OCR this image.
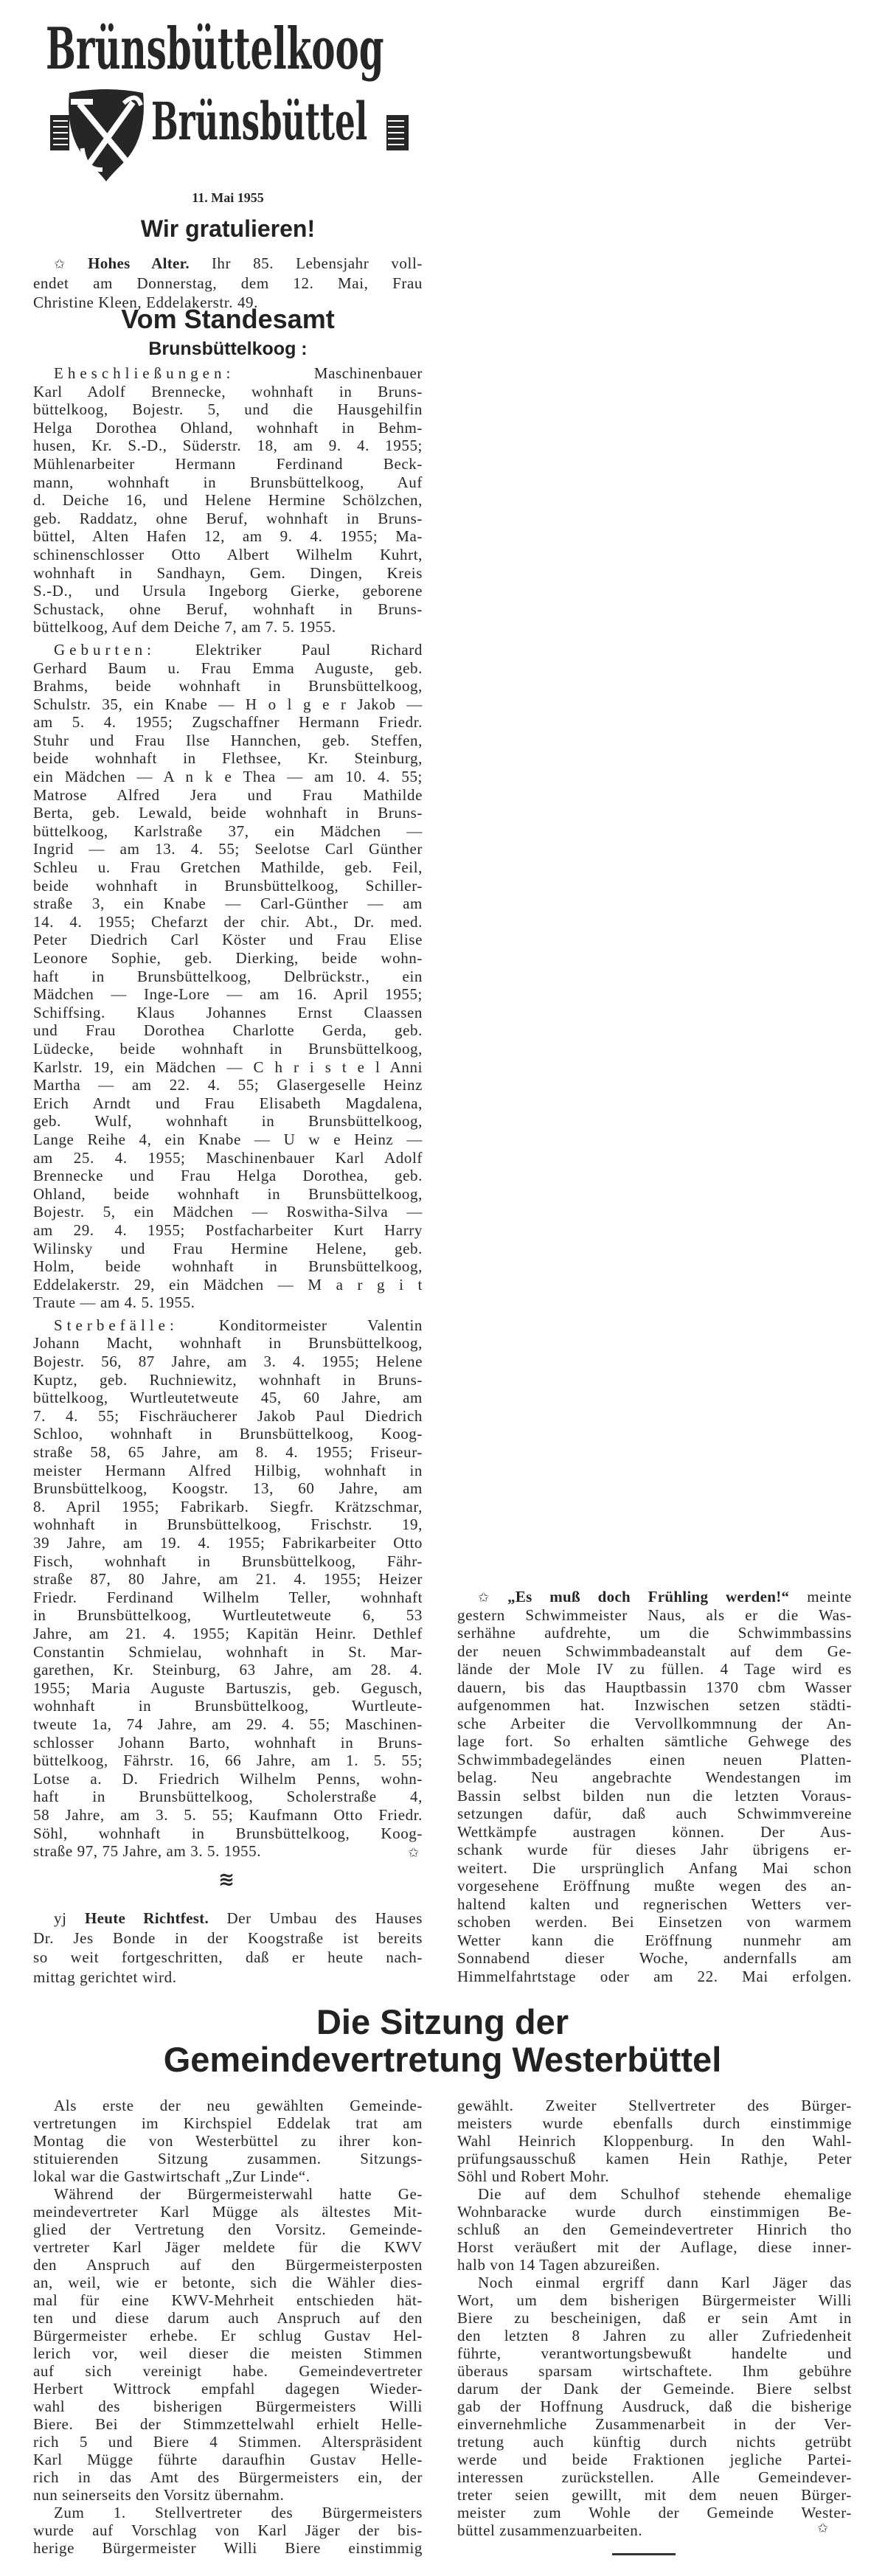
Brünsbüttelkoog
Brünsbüttel
11. Mai 1955
Wir gratulieren!
✩ Hohes Alter. Ihr 85. Lebensjahr voll-
endet am Donnerstag, dem 12. Mai, Frau
Christine Kleen, Eddelakerstr. 49.
Vom Standesamt
Brunsbüttelkoog :
Eheschließungen: Maschinenbauer
Karl Adolf Brennecke, wohnhaft in Bruns-
büttelkoog, Bojestr. 5, und die Hausgehilfin
Helga Dorothea Ohland, wohnhaft in Behm-
husen, Kr. S.-D., Süderstr. 18, am 9. 4. 1955;
Mühlenarbeiter Hermann Ferdinand Beck-
mann, wohnhaft in Brunsbüttelkoog, Auf
d. Deiche 16, und Helene Hermine Schölzchen,
geb. Raddatz, ohne Beruf, wohnhaft in Bruns-
büttel, Alten Hafen 12, am 9. 4. 1955; Ma-
schinenschlosser Otto Albert Wilhelm Kuhrt,
wohnhaft in Sandhayn, Gem. Dingen, Kreis
S.-D., und Ursula Ingeborg Gierke, geborene
Schustack, ohne Beruf, wohnhaft in Bruns-
büttelkoog, Auf dem Deiche 7, am 7. 5. 1955.
Geburten: Elektriker Paul Richard
Gerhard Baum u. Frau Emma Auguste, geb.
Brahms, beide wohnhaft in Brunsbüttelkoog,
Schulstr. 35, ein Knabe — H o l g e r Jakob —
am 5. 4. 1955; Zugschaffner Hermann Friedr.
Stuhr und Frau Ilse Hannchen, geb. Steffen,
beide wohnhaft in Flethsee, Kr. Steinburg,
ein Mädchen — A n k e Thea — am 10. 4. 55;
Matrose Alfred Jera und Frau Mathilde
Berta, geb. Lewald, beide wohnhaft in Bruns-
büttelkoog, Karlstraße 37, ein Mädchen —
Ingrid — am 13. 4. 55; Seelotse Carl Günther
Schleu u. Frau Gretchen Mathilde, geb. Feil,
beide wohnhaft in Brunsbüttelkoog, Schiller-
straße 3, ein Knabe — Carl-Günther — am
14. 4. 1955; Chefarzt der chir. Abt., Dr. med.
Peter Diedrich Carl Köster und Frau Elise
Leonore Sophie, geb. Dierking, beide wohn-
haft in Brunsbüttelkoog, Delbrückstr., ein
Mädchen — Inge-Lore — am 16. April 1955;
Schiffsing. Klaus Johannes Ernst Claassen
und Frau Dorothea Charlotte Gerda, geb.
Lüdecke, beide wohnhaft in Brunsbüttelkoog,
Karlstr. 19, ein Mädchen — C h r i s t e l Anni
Martha — am 22. 4. 55; Glasergeselle Heinz
Erich Arndt und Frau Elisabeth Magdalena,
geb. Wulf, wohnhaft in Brunsbüttelkoog,
Lange Reihe 4, ein Knabe — U w e Heinz —
am 25. 4. 1955; Maschinenbauer Karl Adolf
Brennecke und Frau Helga Dorothea, geb.
Ohland, beide wohnhaft in Brunsbüttelkoog,
Bojestr. 5, ein Mädchen — Roswitha-Silva —
am 29. 4. 1955; Postfacharbeiter Kurt Harry
Wilinsky und Frau Hermine Helene, geb.
Holm, beide wohnhaft in Brunsbüttelkoog,
Eddelakerstr. 29, ein Mädchen — M a r g i t
Traute — am 4. 5. 1955.
Sterbefälle: Konditormeister Valentin
Johann Macht, wohnhaft in Brunsbüttelkoog,
Bojestr. 56, 87 Jahre, am 3. 4. 1955; Helene
Kuptz, geb. Ruchniewitz, wohnhaft in Bruns-
büttelkoog, Wurtleutetweute 45, 60 Jahre, am
7. 4. 55; Fischräucherer Jakob Paul Diedrich
Schloo, wohnhaft in Brunsbüttelkoog, Koog-
straße 58, 65 Jahre, am 8. 4. 1955; Friseur-
meister Hermann Alfred Hilbig, wohnhaft in
Brunsbüttelkoog, Koogstr. 13, 60 Jahre, am
8. April 1955; Fabrikarb. Siegfr. Krätzschmar,
wohnhaft in Brunsbüttelkoog, Frischstr. 19,
39 Jahre, am 19. 4. 1955; Fabrikarbeiter Otto
Fisch, wohnhaft in Brunsbüttelkoog, Fähr-
straße 87, 80 Jahre, am 21. 4. 1955; Heizer
Friedr. Ferdinand Wilhelm Teller, wohnhaft
in Brunsbüttelkoog, Wurtleutetweute 6, 53
Jahre, am 21. 4. 1955; Kapitän Heinr. Dethlef
Constantin Schmielau, wohnhaft in St. Mar-
garethen, Kr. Steinburg, 63 Jahre, am 28. 4.
1955; Maria Auguste Bartuszis, geb. Gegusch,
wohnhaft in Brunsbüttelkoog, Wurtleute-
tweute 1a, 74 Jahre, am 29. 4. 55; Maschinen-
schlosser Johann Barto, wohnhaft in Bruns-
büttelkoog, Fährstr. 16, 66 Jahre, am 1. 5. 55;
Lotse a. D. Friedrich Wilhelm Penns, wohn-
haft in Brunsbüttelkoog, Scholerstraße 4,
58 Jahre, am 3. 5. 55; Kaufmann Otto Friedr.
Söhl, wohnhaft in Brunsbüttelkoog, Koog-
straße 97, 75 Jahre, am 3. 5. 1955.	✩
≋
yj Heute Richtfest. Der Umbau des Hauses
Dr. Jes Bonde in der Koogstraße ist bereits
so weit fortgeschritten, daß er heute nach-
mittag gerichtet wird.
✩ „Es muß doch Frühling werden!“ meinte
gestern Schwimmeister Naus, als er die Was-
serhähne aufdrehte, um die Schwimmbassins
der neuen Schwimmbadeanstalt auf dem Ge-
lände der Mole IV zu füllen. 4 Tage wird es
dauern, bis das Hauptbassin 1370 cbm Wasser
aufgenommen hat. Inzwischen setzen städti-
sche Arbeiter die Vervollkommnung der An-
lage fort. So erhalten sämtliche Gehwege des
Schwimmbadegeländes einen neuen Platten-
belag. Neu angebrachte Wendestangen im
Bassin selbst bilden nun die letzten Voraus-
setzungen dafür, daß auch Schwimmvereine
Wettkämpfe austragen können. Der Aus-
schank wurde für dieses Jahr übrigens er-
weitert. Die ursprünglich Anfang Mai schon
vorgesehene Eröffnung mußte wegen des an-
haltend kalten und regnerischen Wetters ver-
schoben werden. Bei Einsetzen von warmem
Wetter kann die Eröffnung nunmehr am
Sonnabend dieser Woche, andernfalls am
Himmelfahrtstage oder am 22. Mai erfolgen.
Die Sitzung der
Gemeindevertretung Westerbüttel
Als erste der neu gewählten Gemeinde-
vertretungen im Kirchspiel Eddelak trat am
Montag die von Westerbüttel zu ihrer kon-
stituierenden Sitzung zusammen. Sitzungs-
lokal war die Gastwirtschaft „Zur Linde“.
Während der Bürgermeisterwahl hatte Ge-
meindevertreter Karl Mügge als ältestes Mit-
glied der Vertretung den Vorsitz. Gemeinde-
vertreter Karl Jäger meldete für die KWV
den Anspruch auf den Bürgermeisterposten
an, weil, wie er betonte, sich die Wähler dies-
mal für eine KWV-Mehrheit entschieden hät-
ten und diese darum auch Anspruch auf den
Bürgermeister erhebe. Er schlug Gustav Hel-
lerich vor, weil dieser die meisten Stimmen
auf sich vereinigt habe. Gemeindevertreter
Herbert Wittrock empfahl dagegen Wieder-
wahl des bisherigen Bürgermeisters Willi
Biere. Bei der Stimmzettelwahl erhielt Helle-
rich 5 und Biere 4 Stimmen. Alterspräsident
Karl Mügge führte daraufhin Gustav Helle-
rich in das Amt des Bürgermeisters ein, der
nun seinerseits den Vorsitz übernahm.
Zum 1. Stellvertreter des Bürgermeisters
wurde auf Vorschlag von Karl Jäger der bis-
herige Bürgermeister Willi Biere einstimmig
gewählt. Zweiter Stellvertreter des Bürger-
meisters wurde ebenfalls durch einstimmige
Wahl Heinrich Kloppenburg. In den Wahl-
prüfungsausschuß kamen Hein Rathje, Peter
Söhl und Robert Mohr.
Die auf dem Schulhof stehende ehemalige
Wohnbaracke wurde durch einstimmigen Be-
schluß an den Gemeindevertreter Hinrich tho
Horst veräußert mit der Auflage, diese inner-
halb von 14 Tagen abzureißen.
Noch einmal ergriff dann Karl Jäger das
Wort, um dem bisherigen Bürgermeister Willi
Biere zu bescheinigen, daß er sein Amt in
den letzten 8 Jahren zu aller Zufriedenheit
führte, verantwortungsbewußt handelte und
überaus sparsam wirtschaftete. Ihm gebühre
darum der Dank der Gemeinde. Biere selbst
gab der Hoffnung Ausdruck, daß die bisherige
einvernehmliche Zusammenarbeit in der Ver-
tretung auch künftig durch nichts getrübt
werde und beide Fraktionen jegliche Partei-
interessen zurückstellen. Alle Gemeindever-
treter seien gewillt, mit dem neuen Bürger-
meister zum Wohle der Gemeinde Wester-
büttel zusammenzuarbeiten.	✩
